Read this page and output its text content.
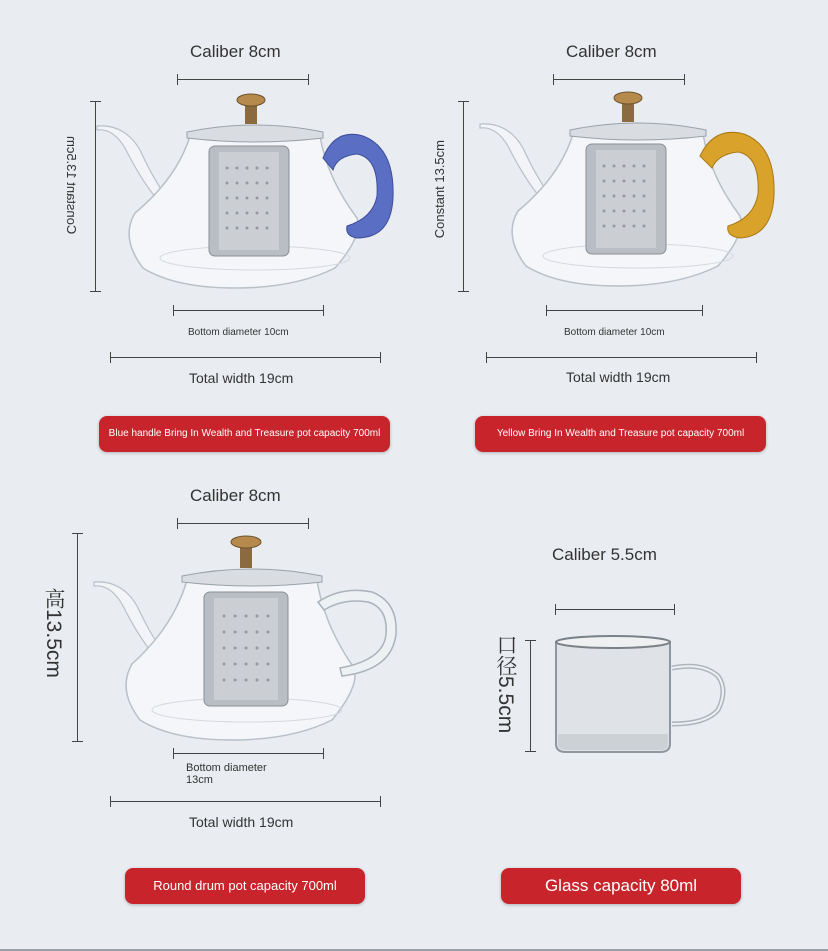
Caliber 8cm
Constant 13.5cm
Bottom diameter 10cm
Total width 19cm
Blue handle Bring In Wealth and Treasure pot capacity 700ml
Caliber 8cm
Constant 13.5cm
Bottom diameter 10cm
Total width 19cm
Yellow Bring In Wealth and Treasure pot capacity 700ml
Caliber 8cm
高13.5cm
Bottom diameter 13cm
Total width 19cm
Round drum pot capacity 700ml
Caliber 5.5cm
口径5.5cm
Glass capacity 80ml
